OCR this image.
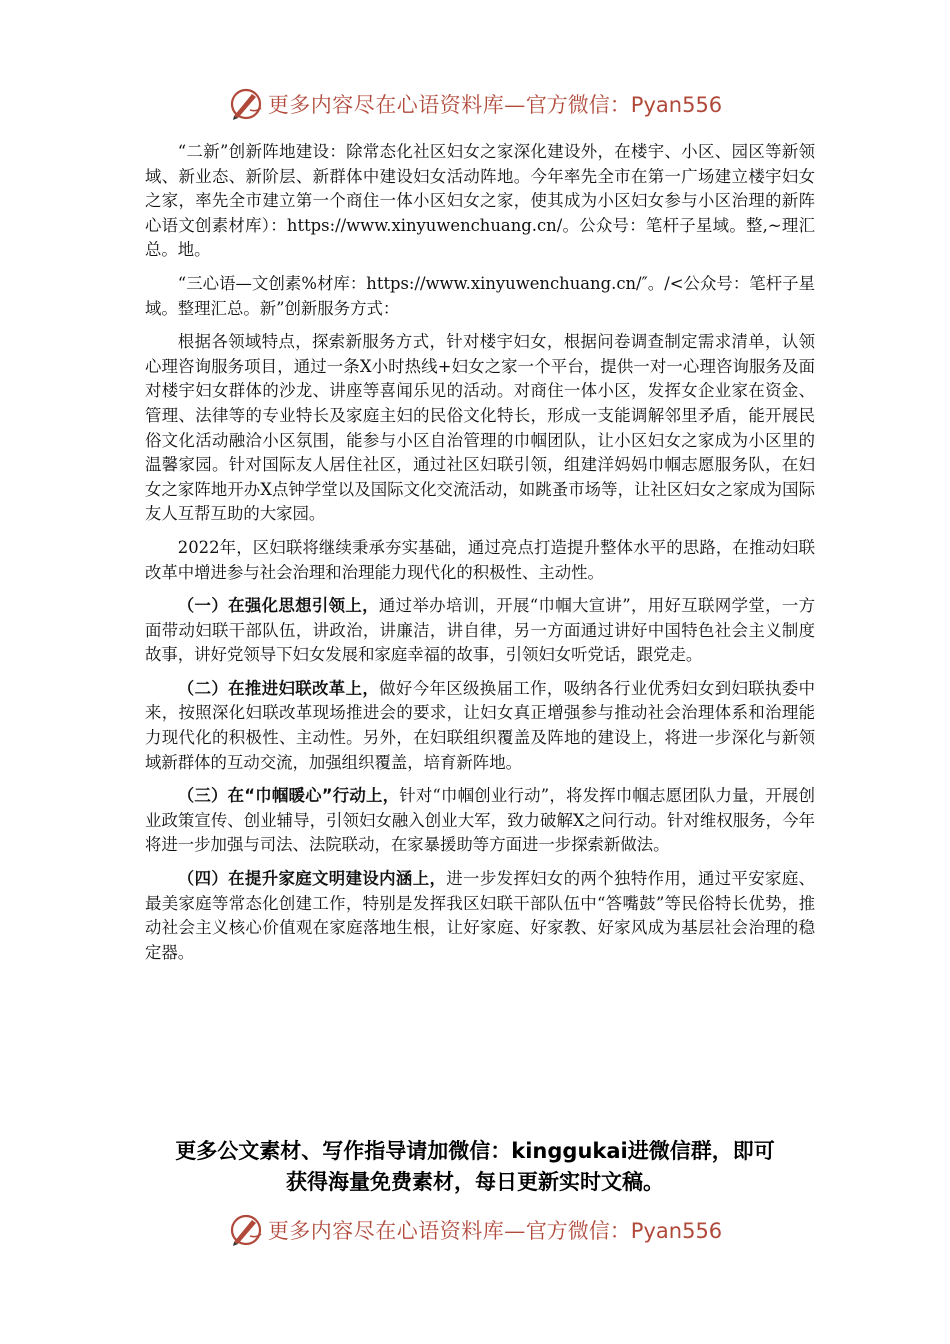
更多内容尽在心语资料库— 官方微信：Pyan556

“二新”创新阵地建设：除常态化社区妇女之家深化建设外，在楼宇、小区、园区等新领域、新业态、新阶层、新群体中建设妇女活动阵地。今年率先全市在第一广场建立楼宇妇女之家，率先全市建立第一个商住一体小区妇女之家，使其成为小区妇女参与小区治理的新阵心语文创素材库）：https://www.xinyuwenchuang.cn/。公众号：笔杆子星域。整,~理汇总。地。

“三心语—文创素%材库：https://www.xinyuwenchuang.cn/″。/<公众号：笔杆子星域。整理汇总。新”创新服务方式：

根据各领域特点，探索新服务方式，针对楼宇妇女，根据问卷调查制定需求清单，认领心理咨询服务项目，通过一条X小时热线+妇女之家一个平台，提供一对一心理咨询服务及面对楼宇妇女群体的沙龙、讲座等喜闻乐见的活动。对商住一体小区，发挥女企业家在资金、管理、法律等的专业特长及家庭主妇的民俗文化特长，形成一支能调解邻里矛盾，能开展民俗文化活动融洽小区氛围，能参与小区自治管理的巾帼团队，让小区妇女之家成为小区里的温馨家园。针对国际友人居住社区，通过社区妇联引领，组建洋妈妈巾帼志愿服务队，在妇女之家阵地开办X点钟学堂以及国际文化交流活动，如跳蚤市场等，让社区妇女之家成为国际友人互帮互助的大家园。

2022年，区妇联将继续秉承夯实基础，通过亮点打造提升整体水平的思路，在推动妇联改革中增进参与社会治理和治理能力现代化的积极性、主动性。

（一）在强化思想引领上，通过举办培训，开展“巾帼大宣讲”，用好互联网学堂，一方面带动妇联干部队伍，讲政治，讲廉洁，讲自律，另一方面通过讲好中国特色社会主义制度故事，讲好党领导下妇女发展和家庭幸福的故事，引领妇女听党话，跟党走。

（二）在推进妇联改革上，做好今年区级换届工作，吸纳各行业优秀妇女到妇联执委中来，按照深化妇联改革现场推进会的要求，让妇女真正增强参与推动社会治理体系和治理能力现代化的积极性、主动性。另外，在妇联组织覆盖及阵地的建设上，将进一步深化与新领域新群体的互动交流，加强组织覆盖，培育新阵地。

（三）在“巾帼暖心”行动上，针对“巾帼创业行动”，将发挥巾帼志愿团队力量，开展创业政策宣传、创业辅导，引领妇女融入创业大军，致力破解X之问行动。针对维权服务，今年将进一步加强与司法、法院联动，在家暴援助等方面进一步探索新做法。

（四）在提升家庭文明建设内涵上，进一步发挥妇女的两个独特作用，通过平安家庭、最美家庭等常态化创建工作，特别是发挥我区妇联干部队伍中“答嘴鼓”等民俗特长优势，推动社会主义核心价值观在家庭落地生根，让好家庭、好家教、好家风成为基层社会治理的稳定器。

更多公文素材、写作指导请加微信：kinggukai进微信群，即可
获得海量免费素材，每日更新实时文稿。
更多内容尽在心语资料库— 官方微信：Pyan556
